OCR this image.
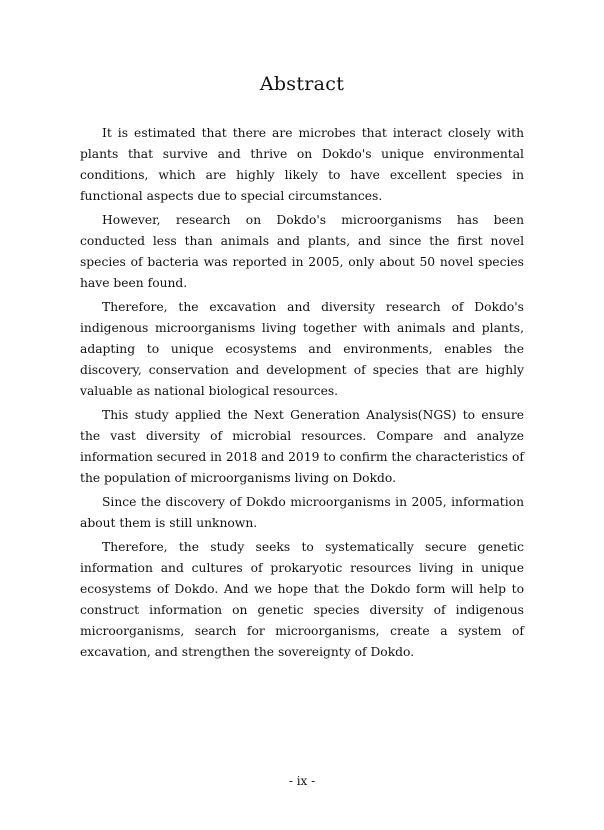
Abstract

It is estimated that there are microbes that interact closely with plants that survive and thrive on Dokdo's unique environmental conditions, which are highly likely to have excellent species in functional aspects due to special circumstances.

However, research on Dokdo's microorganisms has been conducted less than animals and plants, and since the first novel species of bacteria was reported in 2005, only about 50 novel species have been found.

Therefore, the excavation and diversity research of Dokdo's indigenous microorganisms living together with animals and plants, adapting to unique ecosystems and environments, enables the discovery, conservation and development of species that are highly valuable as national biological resources.

This study applied the Next Generation Analysis(NGS) to ensure the vast diversity of microbial resources. Compare and analyze information secured in 2018 and 2019 to confirm the characteristics of the population of microorganisms living on Dokdo.

Since the discovery of Dokdo microorganisms in 2005, information about them is still unknown.

Therefore, the study seeks to systematically secure genetic information and cultures of prokaryotic resources living in unique ecosystems of Dokdo. And we hope that the Dokdo form will help to construct information on genetic species diversity of indigenous microorganisms, search for microorganisms, create a system of excavation, and strengthen the sovereignty of Dokdo.

- ix -
